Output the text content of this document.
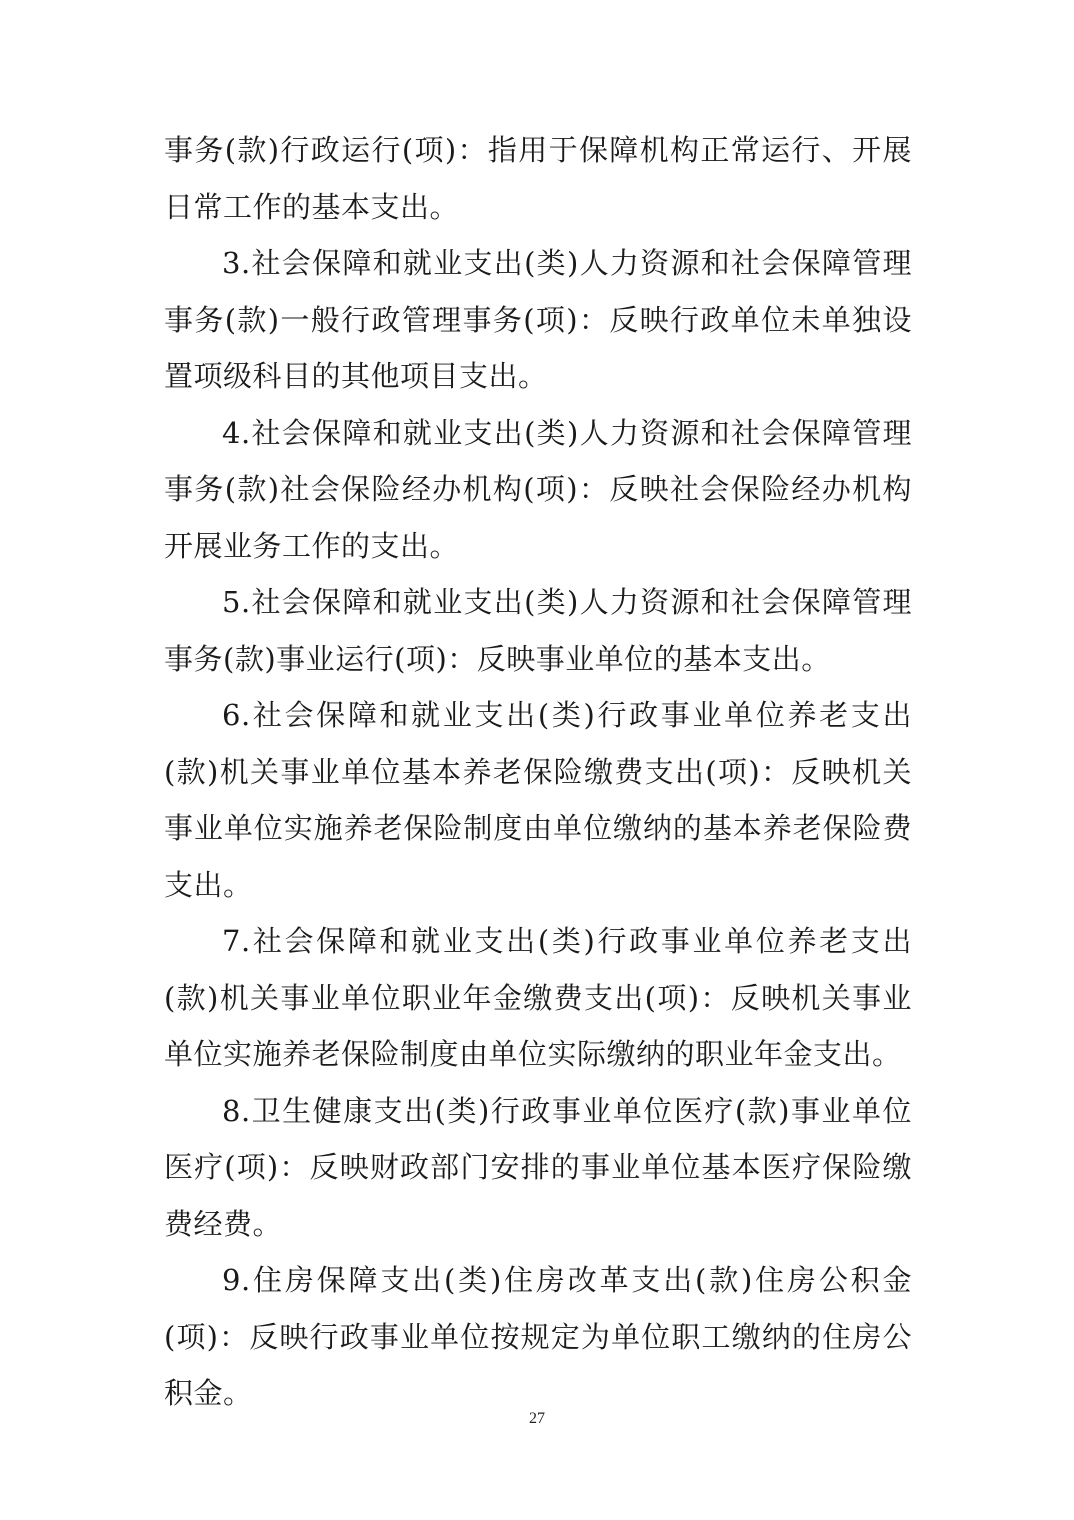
事务(款)行政运行(项)：指用于保障机构正常运行、开展日常工作的基本支出。

3.社会保障和就业支出(类)人力资源和社会保障管理事务(款)一般行政管理事务(项)：反映行政单位未单独设置项级科目的其他项目支出。

4.社会保障和就业支出(类)人力资源和社会保障管理事务(款)社会保险经办机构(项)：反映社会保险经办机构开展业务工作的支出。

5.社会保障和就业支出(类)人力资源和社会保障管理事务(款)事业运行(项)：反映事业单位的基本支出。

6.社会保障和就业支出(类)行政事业单位养老支出(款)机关事业单位基本养老保险缴费支出(项)：反映机关事业单位实施养老保险制度由单位缴纳的基本养老保险费支出。

7.社会保障和就业支出(类)行政事业单位养老支出(款)机关事业单位职业年金缴费支出(项)：反映机关事业单位实施养老保险制度由单位实际缴纳的职业年金支出。

8.卫生健康支出(类)行政事业单位医疗(款)事业单位医疗(项)：反映财政部门安排的事业单位基本医疗保险缴费经费。

9.住房保障支出(类)住房改革支出(款)住房公积金(项)：反映行政事业单位按规定为单位职工缴纳的住房公积金。

27
